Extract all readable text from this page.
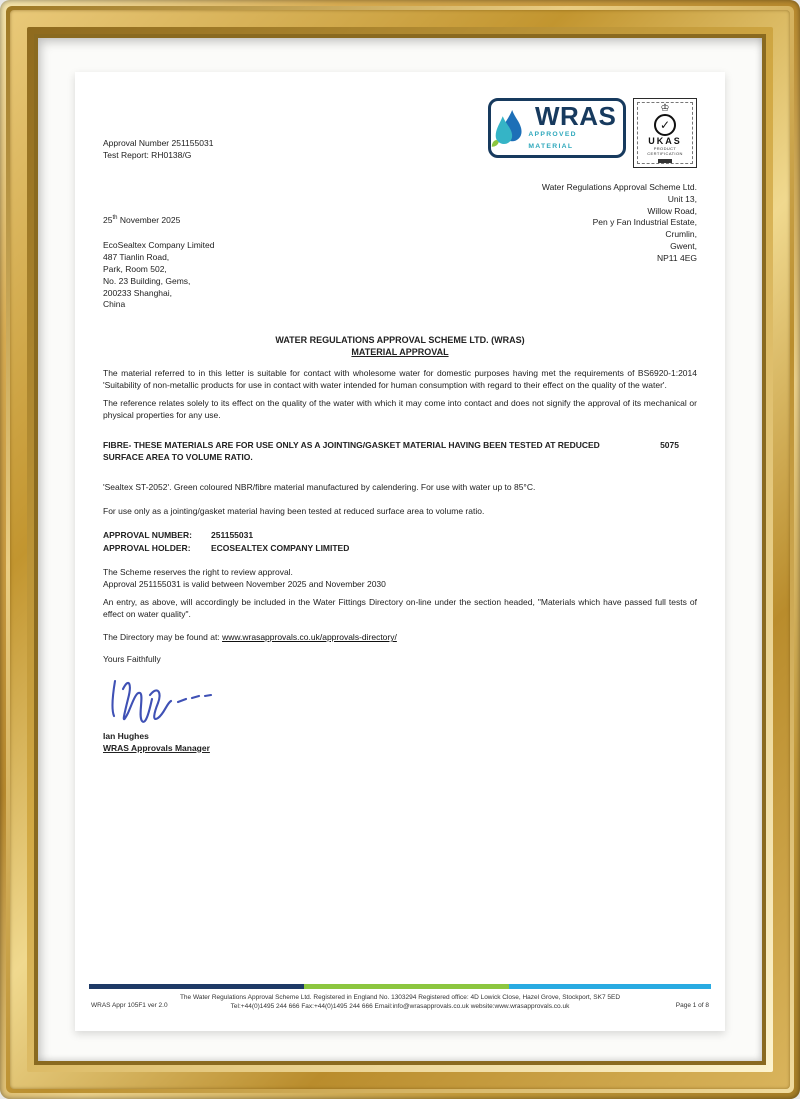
Approval Number 251155031

Test Report: RH0138/G

WRAS
APPROVED MATERIAL
♔
✓
UKAS
PRODUCT
CERTIFICATION

Water Regulations Approval Scheme Ltd.

Unit 13,

Willow Road,

Pen y Fan Industrial Estate,

Crumlin,

Gwent,

NP11 4EG

25th November 2025

EcoSealtex Company Limited

487 Tianlin Road,

Park, Room 502,

No. 23 Building, Gems,

200233 Shanghai,

China

WATER REGULATIONS APPROVAL SCHEME LTD. (WRAS)

MATERIAL APPROVAL

The material referred to in this letter is suitable for contact with wholesome water for domestic purposes having met the requirements of BS6920-1:2014 'Suitability of non-metallic products for use in contact with water intended for human consumption with regard to their effect on the quality of the water'.

The reference relates solely to its effect on the quality of the water with which it may come into contact and does not signify the approval of its mechanical or physical properties for any use.

FIBRE- THESE MATERIALS ARE FOR USE ONLY AS A JOINTING/GASKET MATERIAL HAVING BEEN TESTED AT REDUCED SURFACE AREA TO VOLUME RATIO.
5075

'Sealtex ST-2052'. Green coloured NBR/fibre material manufactured by calendering. For use with water up to 85°C.

For use only as a jointing/gasket material having been tested at reduced surface area to volume ratio.

APPROVAL NUMBER: 251155031

APPROVAL HOLDER: ECOSEALTEX COMPANY LIMITED

The Scheme reserves the right to review approval.

Approval 251155031 is valid between November 2025 and November 2030

An entry, as above, will accordingly be included in the Water Fittings Directory on-line under the section headed, "Materials which have passed full tests of effect on water quality".

The Directory may be found at: www.wrasapprovals.co.uk/approvals-directory/

Yours Faithfully

Ian Hughes

WRAS Approvals Manager

The Water Regulations Approval Scheme Ltd. Registered in England No. 1303294 Registered office: 4D Lowick Close, Hazel Grove, Stockport, SK7 5ED

Tel:+44(0)1495 244 666 Fax:+44(0)1495 244 666 Email:info@wrasapprovals.co.uk website:www.wrasapprovals.co.uk

WRAS Appr 105F1 ver 2.0	Page 1 of 8
